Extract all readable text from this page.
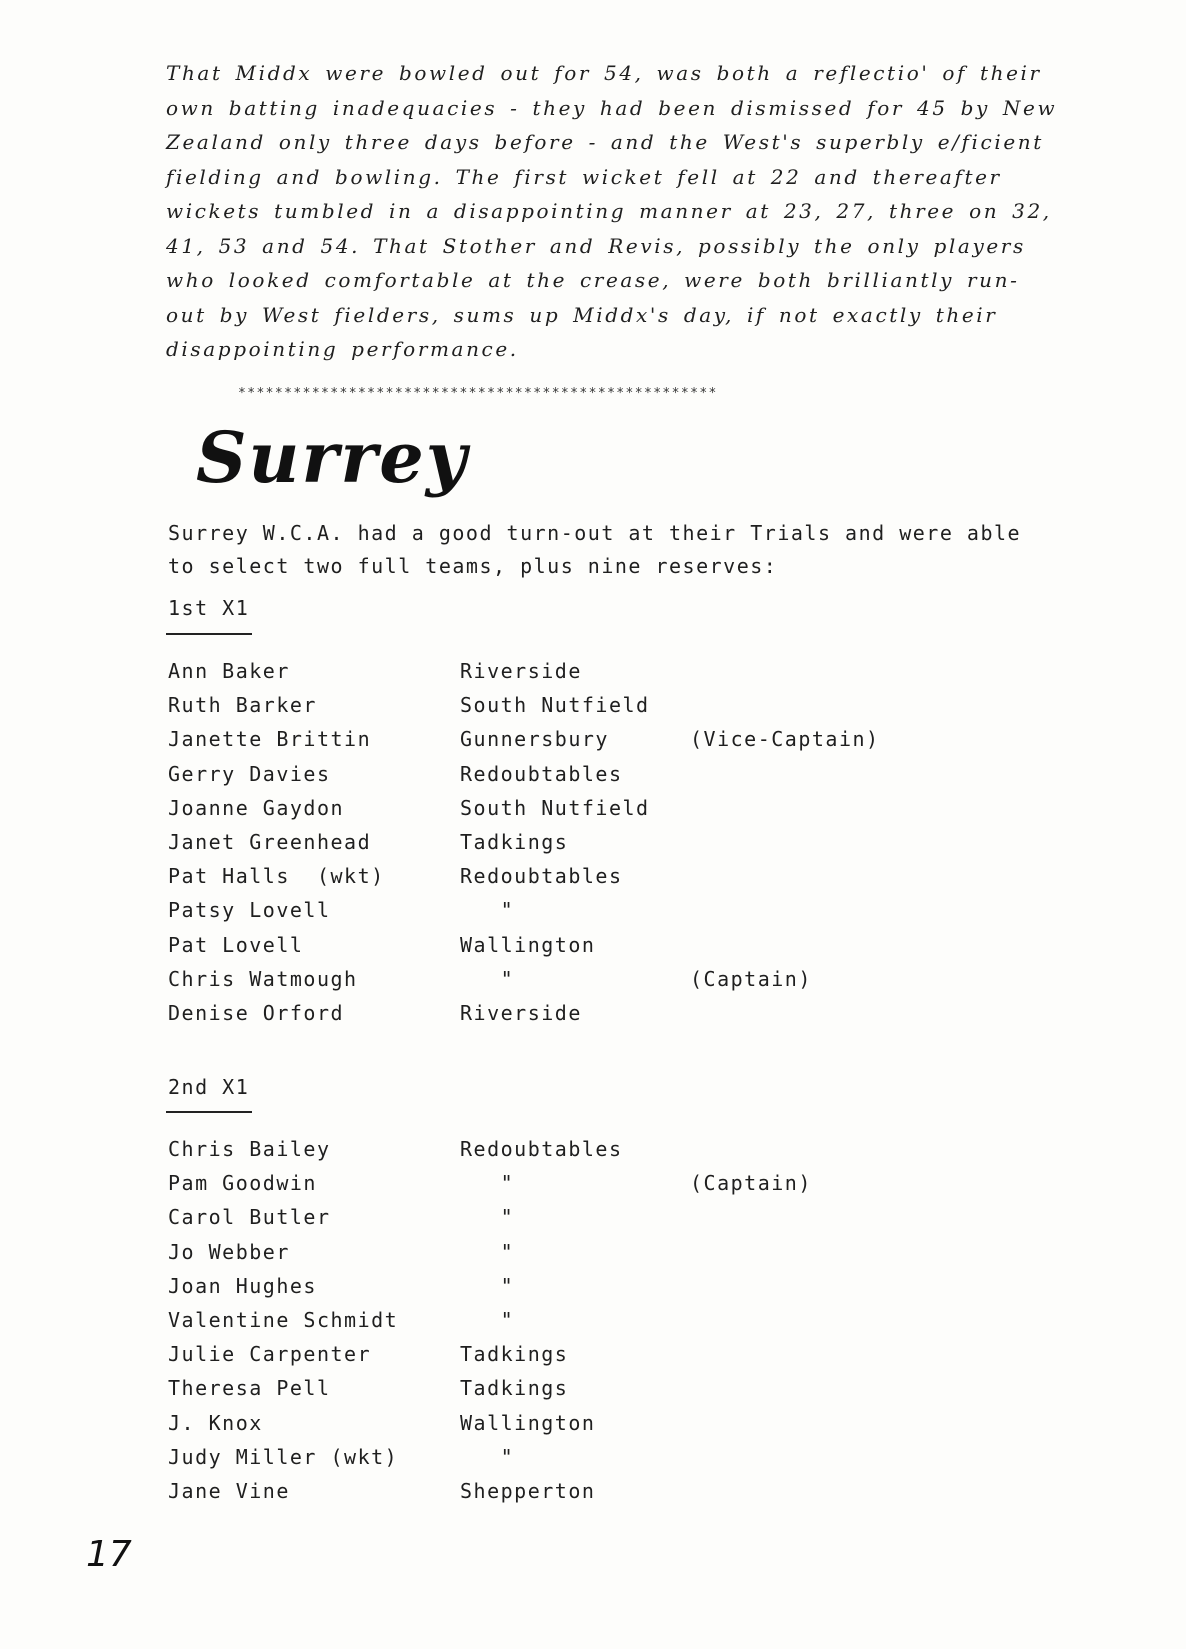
That Middx were bowled out for 54, was both a reflectio' of their
own batting inadequacies - they had been dismissed for 45 by New
Zealand only three days before - and the West's superbly e/ficient
fielding and bowling. The first wicket fell at 22 and thereafter
wickets tumbled in a disappointing manner at 23, 27, three on 32,
41, 53 and 54. That Stother and Revis, possibly the only players
who looked comfortable at the crease, were both brilliantly run-
out by West fielders, sums up Middx's day, if not exactly their
disappointing performance.
****************************************************
Surrey
Surrey W.C.A. had a good turn-out at their Trials and were able
to select two full teams, plus nine reserves:
1st X1
Ann Baker	Riverside
Ruth Barker	South Nutfield
Janette Brittin	Gunnersbury	(Vice-Captain)
Gerry Davies	Redoubtables
Joanne Gaydon	South Nutfield
Janet Greenhead	Tadkings
Pat Halls  (wkt)	Redoubtables
Patsy Lovell	"
Pat Lovell	Wallington
Chris Watmough	"	(Captain)
Denise Orford	Riverside
2nd X1
Chris Bailey	Redoubtables
Pam Goodwin	"	(Captain)
Carol Butler	"
Jo Webber	"
Joan Hughes	"
Valentine Schmidt	"
Julie Carpenter	Tadkings
Theresa Pell	Tadkings
J. Knox	Wallington
Judy Miller (wkt)	"
Jane Vine	Shepperton
17
